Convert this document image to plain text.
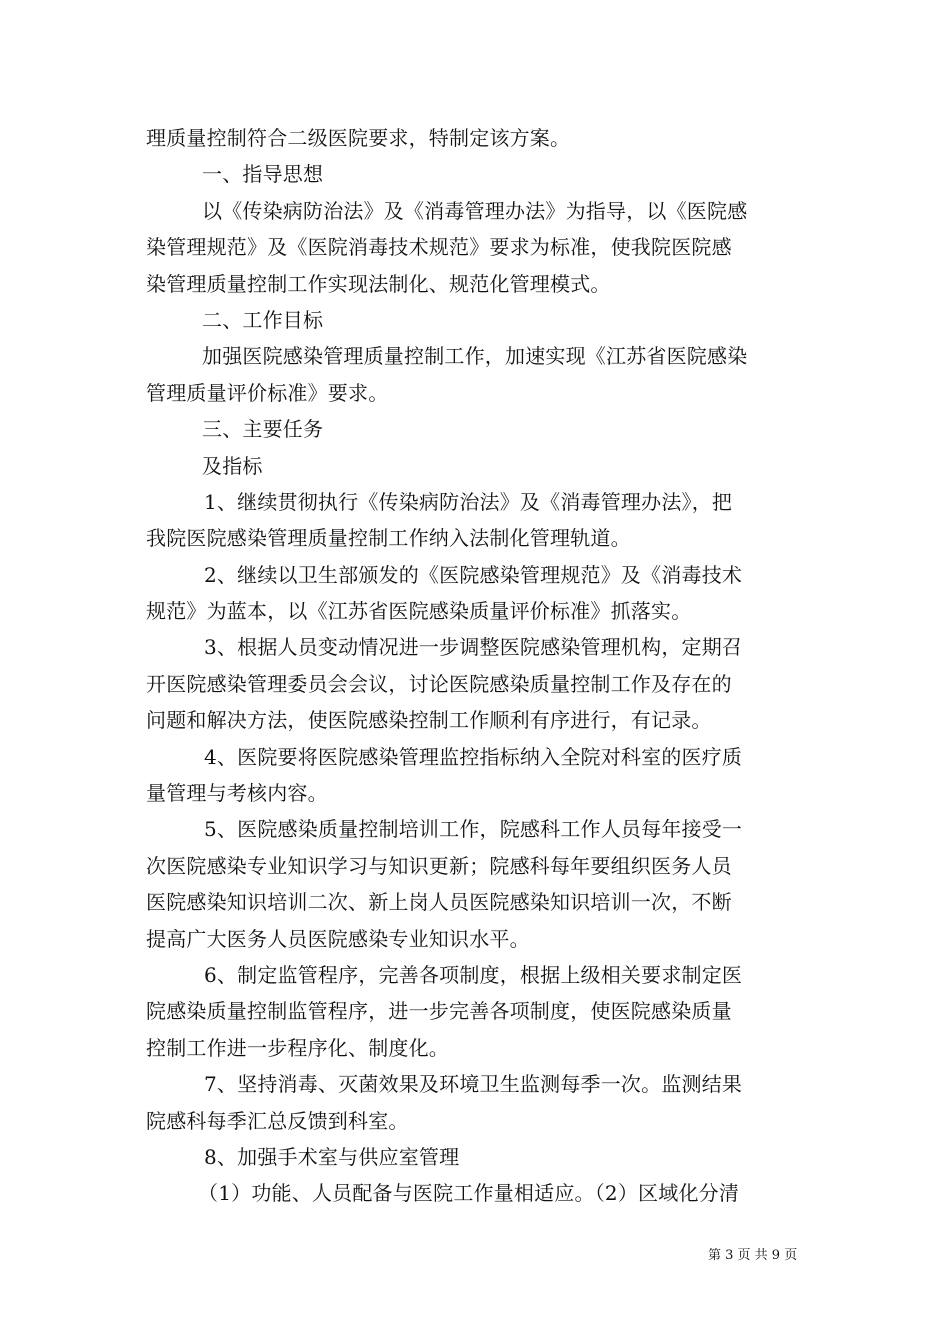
理质量控制符合二级医院要求，特制定该方案。
一、指导思想
以《传染病防治法》及《消毒管理办法》为指导，以《医院感
染管理规范》及《医院消毒技术规范》要求为标准，使我院医院感
染管理质量控制工作实现法制化、规范化管理模式。
二、工作目标
加强医院感染管理质量控制工作，加速实现《江苏省医院感染
管理质量评价标准》要求。
三、主要任务
及指标
1、继续贯彻执行《传染病防治法》及《消毒管理办法》，把
我院医院感染管理质量控制工作纳入法制化管理轨道。
2、继续以卫生部颁发的《医院感染管理规范》及《消毒技术
规范》为蓝本，以《江苏省医院感染质量评价标准》抓落实。
3、根据人员变动情况进一步调整医院感染管理机构，定期召
开医院感染管理委员会会议，讨论医院感染质量控制工作及存在的
问题和解决方法，使医院感染控制工作顺利有序进行，有记录。
4、医院要将医院感染管理监控指标纳入全院对科室的医疗质
量管理与考核内容。
5、医院感染质量控制培训工作，院感科工作人员每年接受一
次医院感染专业知识学习与知识更新；院感科每年要组织医务人员
医院感染知识培训二次、新上岗人员医院感染知识培训一次，不断
提高广大医务人员医院感染专业知识水平。
6、制定监管程序，完善各项制度，根据上级相关要求制定医
院感染质量控制监管程序，进一步完善各项制度，使医院感染质量
控制工作进一步程序化、制度化。
7、坚持消毒、灭菌效果及环境卫生监测每季一次。监测结果
院感科每季汇总反馈到科室。
8、加强手术室与供应室管理
（1）功能、人员配备与医院工作量相适应。（2）区域化分清
第 3 页 共 9 页
